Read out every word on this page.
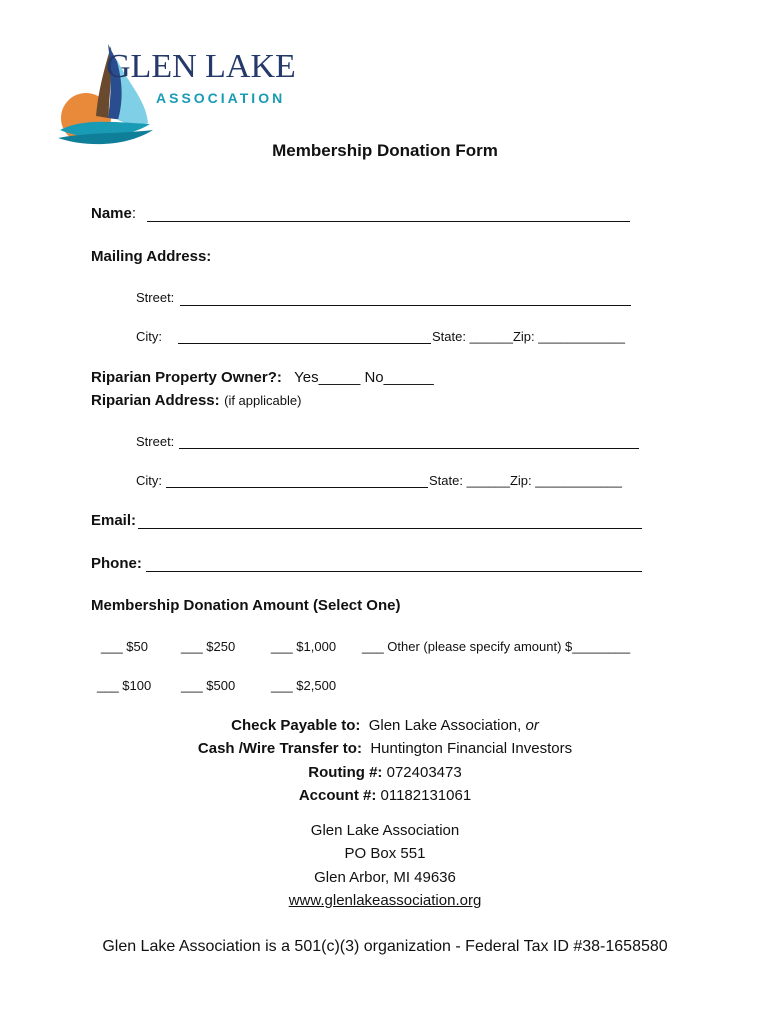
GLEN LAKE
ASSOCIATION
Membership Donation Form
Name:
Mailing Address:
Street:
City:	State: ______Zip: ____________
Riparian Property Owner?: Yes_____ No______
Riparian Address: (if applicable)
Street:
City:	State: ______Zip: ____________
Email:
Phone:
Membership Donation Amount (Select One)
___ $50	___ $250	___ $1,000 ___ Other (please specify amount) $________
___ $100 ___ $500	___ $2,500
Check Payable to: Glen Lake Association, or
Cash /Wire Transfer to: Huntington Financial Investors
Routing #: 072403473
Account #: 01182131061
Glen Lake Association
PO Box 551
Glen Arbor, MI 49636
www.glenlakeassociation.org
Glen Lake Association is a 501(c)(3) organization - Federal Tax ID #38-1658580
